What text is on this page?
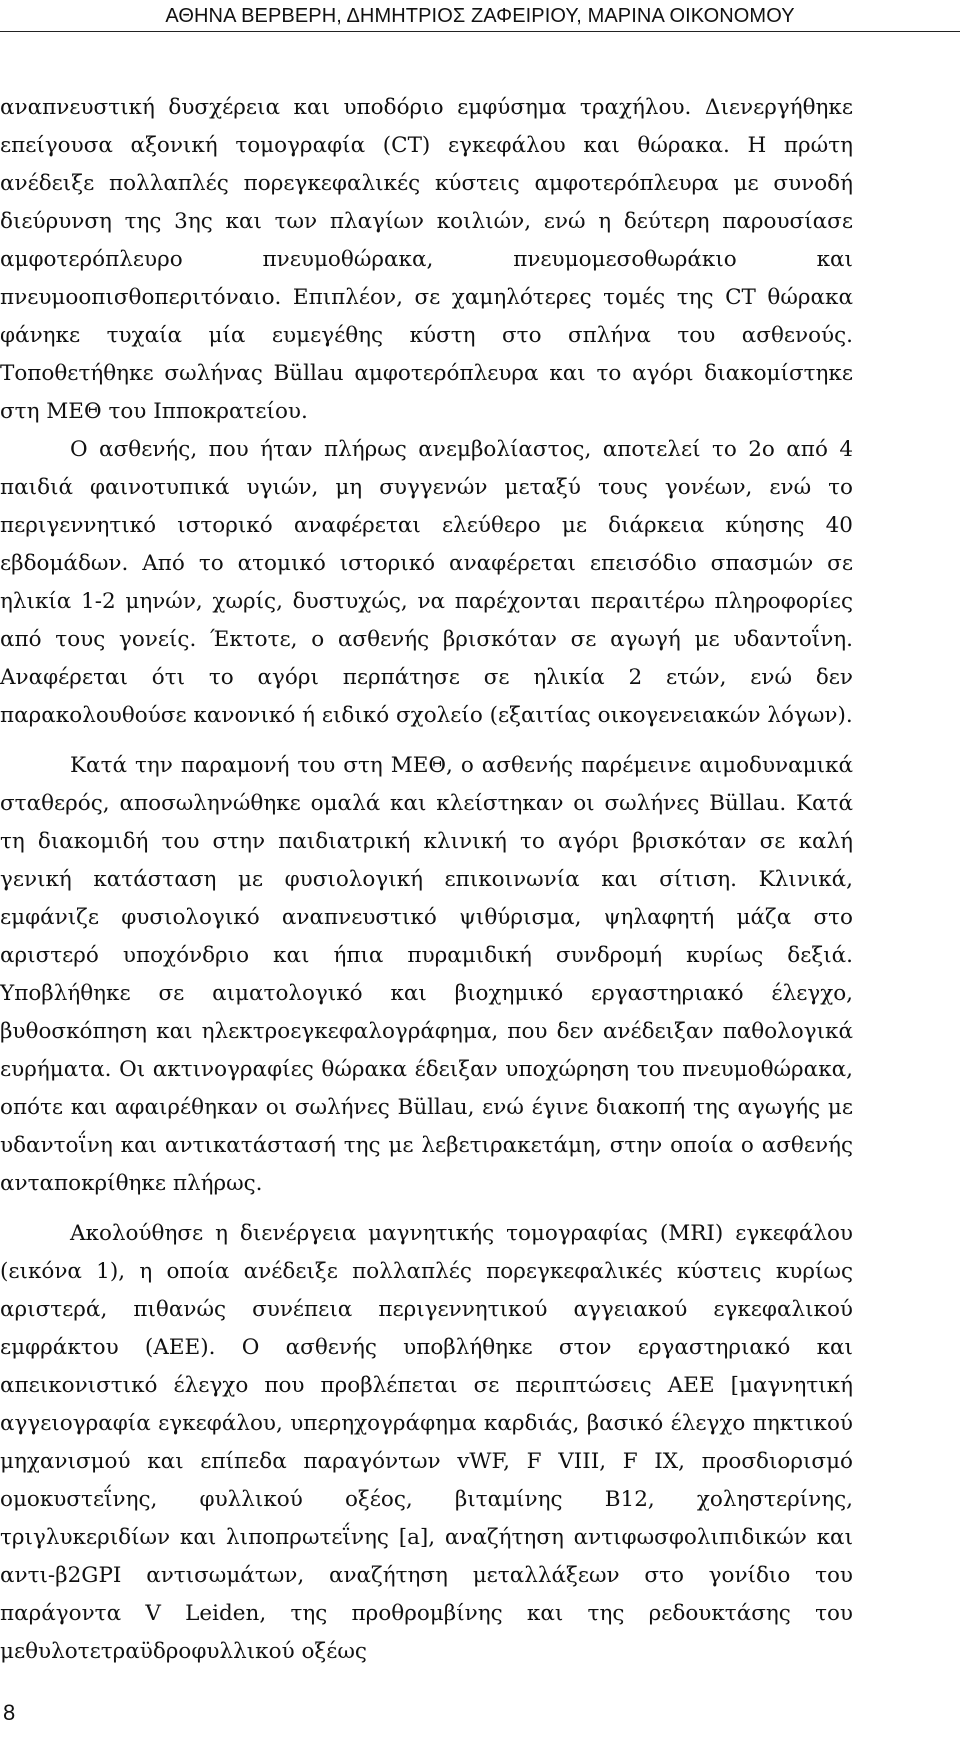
ΑΘΗΝΑ ΒΕΡΒΕΡΗ, ΔΗΜΗΤΡΙΟΣ ΖΑΦΕΙΡΙΟΥ, ΜΑΡΙΝΑ ΟΙΚΟΝΟΜΟΥ

αναπνευστική δυσχέρεια και υποδόριο εμφύσημα τραχήλου. Διενεργήθηκε επείγουσα αξονική τομογραφία (CT) εγκεφάλου και θώρακα. Η πρώτη ανέδειξε πολλαπλές πορεγκεφαλικές κύστεις αμφοτερόπλευρα με συνοδή διεύρυνση της 3ης και των πλαγίων κοιλιών, ενώ η δεύτερη παρουσίασε αμφοτερόπλευρο πνευμοθώρακα, πνευμομεσοθωράκιο και πνευμοοπισθοπεριτόναιο. Επιπλέον, σε χαμηλότερες τομές της CT θώρακα φάνηκε τυχαία μία ευμεγέθης κύστη στο σπλήνα του ασθενούς. Τοποθετήθηκε σωλήνας Büllau αμφοτερόπλευρα και το αγόρι διακομίστηκε στη ΜΕΘ του Ιπποκρατείου.

Ο ασθενής, που ήταν πλήρως ανεμβολίαστος, αποτελεί το 2ο από 4 παιδιά φαινοτυπικά υγιών, μη συγγενών μεταξύ τους γονέων, ενώ το περιγεννητικό ιστορικό αναφέρεται ελεύθερο με διάρκεια κύησης 40 εβδομάδων. Από το ατομικό ιστορικό αναφέρεται επεισόδιο σπασμών σε ηλικία 1-2 μηνών, χωρίς, δυστυχώς, να παρέχονται περαιτέρω πληροφορίες από τους γονείς. Έκτοτε, ο ασθενής βρισκόταν σε αγωγή με υδαντοΐνη. Αναφέρεται ότι το αγόρι περπάτησε σε ηλικία 2 ετών, ενώ δεν παρακολουθούσε κανονικό ή ειδικό σχολείο (εξαιτίας οικογενειακών λόγων).

Κατά την παραμονή του στη ΜΕΘ, ο ασθενής παρέμεινε αιμοδυναμικά σταθερός, αποσωληνώθηκε ομαλά και κλείστηκαν οι σωλήνες Büllau. Κατά τη διακομιδή του στην παιδιατρική κλινική το αγόρι βρισκόταν σε καλή γενική κατάσταση με φυσιολογική επικοινωνία και σίτιση. Κλινικά, εμφάνιζε φυσιολογικό αναπνευστικό ψιθύρισμα, ψηλαφητή μάζα στο αριστερό υποχόνδριο και ήπια πυραμιδική συνδρομή κυρίως δεξιά. Υποβλήθηκε σε αιματολογικό και βιοχημικό εργαστηριακό έλεγχο, βυθοσκόπηση και ηλεκτροεγκεφαλογράφημα, που δεν ανέδειξαν παθολογικά ευρήματα. Οι ακτινογραφίες θώρακα έδειξαν υποχώρηση του πνευμοθώρακα, οπότε και αφαιρέθηκαν οι σωλήνες Büllau, ενώ έγινε διακοπή της αγωγής με υδαντοΐνη και αντικατάστασή της με λεβετιρακετάμη, στην οποία ο ασθενής ανταποκρίθηκε πλήρως.

Ακολούθησε η διενέργεια μαγνητικής τομογραφίας (MRI) εγκεφάλου (εικόνα 1), η οποία ανέδειξε πολλαπλές πορεγκεφαλικές κύστεις κυρίως αριστερά, πιθανώς συνέπεια περιγεννητικού αγγειακού εγκεφαλικού εμφράκτου (ΑΕΕ). Ο ασθενής υποβλήθηκε στον εργαστηριακό και απεικονιστικό έλεγχο που προβλέπεται σε περιπτώσεις ΑΕΕ [μαγνητική αγγειογραφία εγκεφάλου, υπερηχογράφημα καρδιάς, βασικό έλεγχο πηκτικού μηχανισμού και επίπεδα παραγόντων vWF, F VIII, F IX, προσδιορισμό ομοκυστεΐνης, φυλλικού οξέος, βιταμίνης Β12, χοληστερίνης, τριγλυκεριδίων και λιποπρωτεΐνης [a], αναζήτηση αντιφωσφολιπιδικών και αντι-β2GPI αντισωμάτων, αναζήτηση μεταλλάξεων στο γονίδιο του παράγοντα V Leiden, της προθρομβίνης και της ρεδουκτάσης του μεθυλοτετραϋδροφυλλικού οξέως

8
